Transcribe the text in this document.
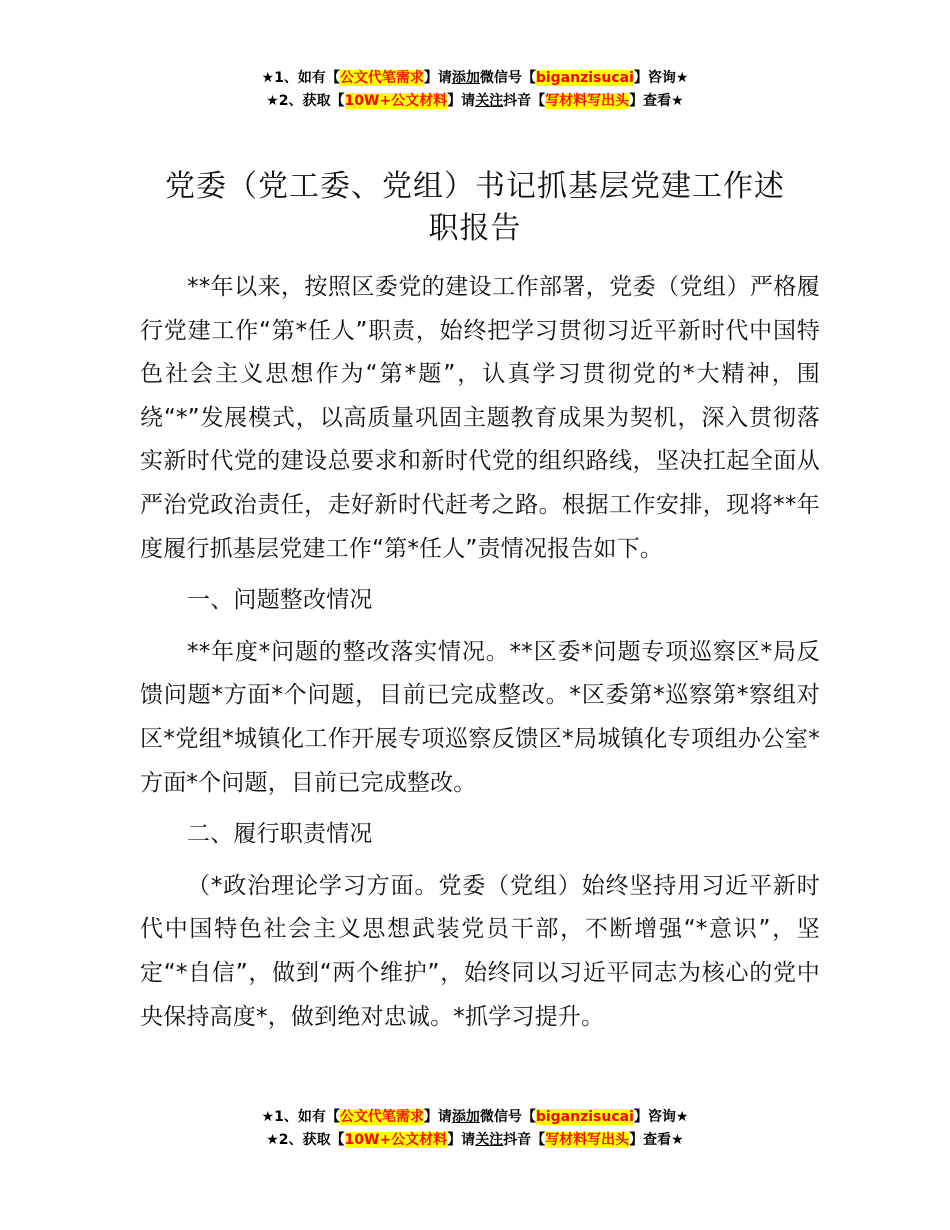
★1、如有【公文代笔需求】请添加微信号【biganzisucai】咨询★
★2、获取【10W+公文材料】请关注抖音【写材料写出头】查看★
党委（党工委、党组）书记抓基层党建工作述
职报告

**年以来，按照区委党的建设工作部署，党委（党组）严格履行党建工作“第*任人”职责，始终把学习贯彻习近平新时代中国特色社会主义思想作为“第*题”，认真学习贯彻党的*大精神，围绕“*”发展模式，以高质量巩固主题教育成果为契机，深入贯彻落实新时代党的建设总要求和新时代党的组织路线，坚决扛起全面从严治党政治责任，走好新时代赶考之路。根据工作安排，现将**年度履行抓基层党建工作“第*任人”责情况报告如下。

一、问题整改情况

**年度*问题的整改落实情况。**区委*问题专项巡察区*局反馈问题*方面*个问题，目前已完成整改。*区委第*巡察第*察组对区*党组*城镇化工作开展专项巡察反馈区*局城镇化专项组办公室*方面*个问题，目前已完成整改。

二、履行职责情况

（*政治理论学习方面。党委（党组）始终坚持用习近平新时代中国特色社会主义思想武装党员干部，不断增强“*意识”，坚定“*自信”，做到“两个维护”，始终同以习近平同志为核心的党中央保持高度*，做到绝对忠诚。*抓学习提升。

★1、如有【公文代笔需求】请添加微信号【biganzisucai】咨询★
★2、获取【10W+公文材料】请关注抖音【写材料写出头】查看★
